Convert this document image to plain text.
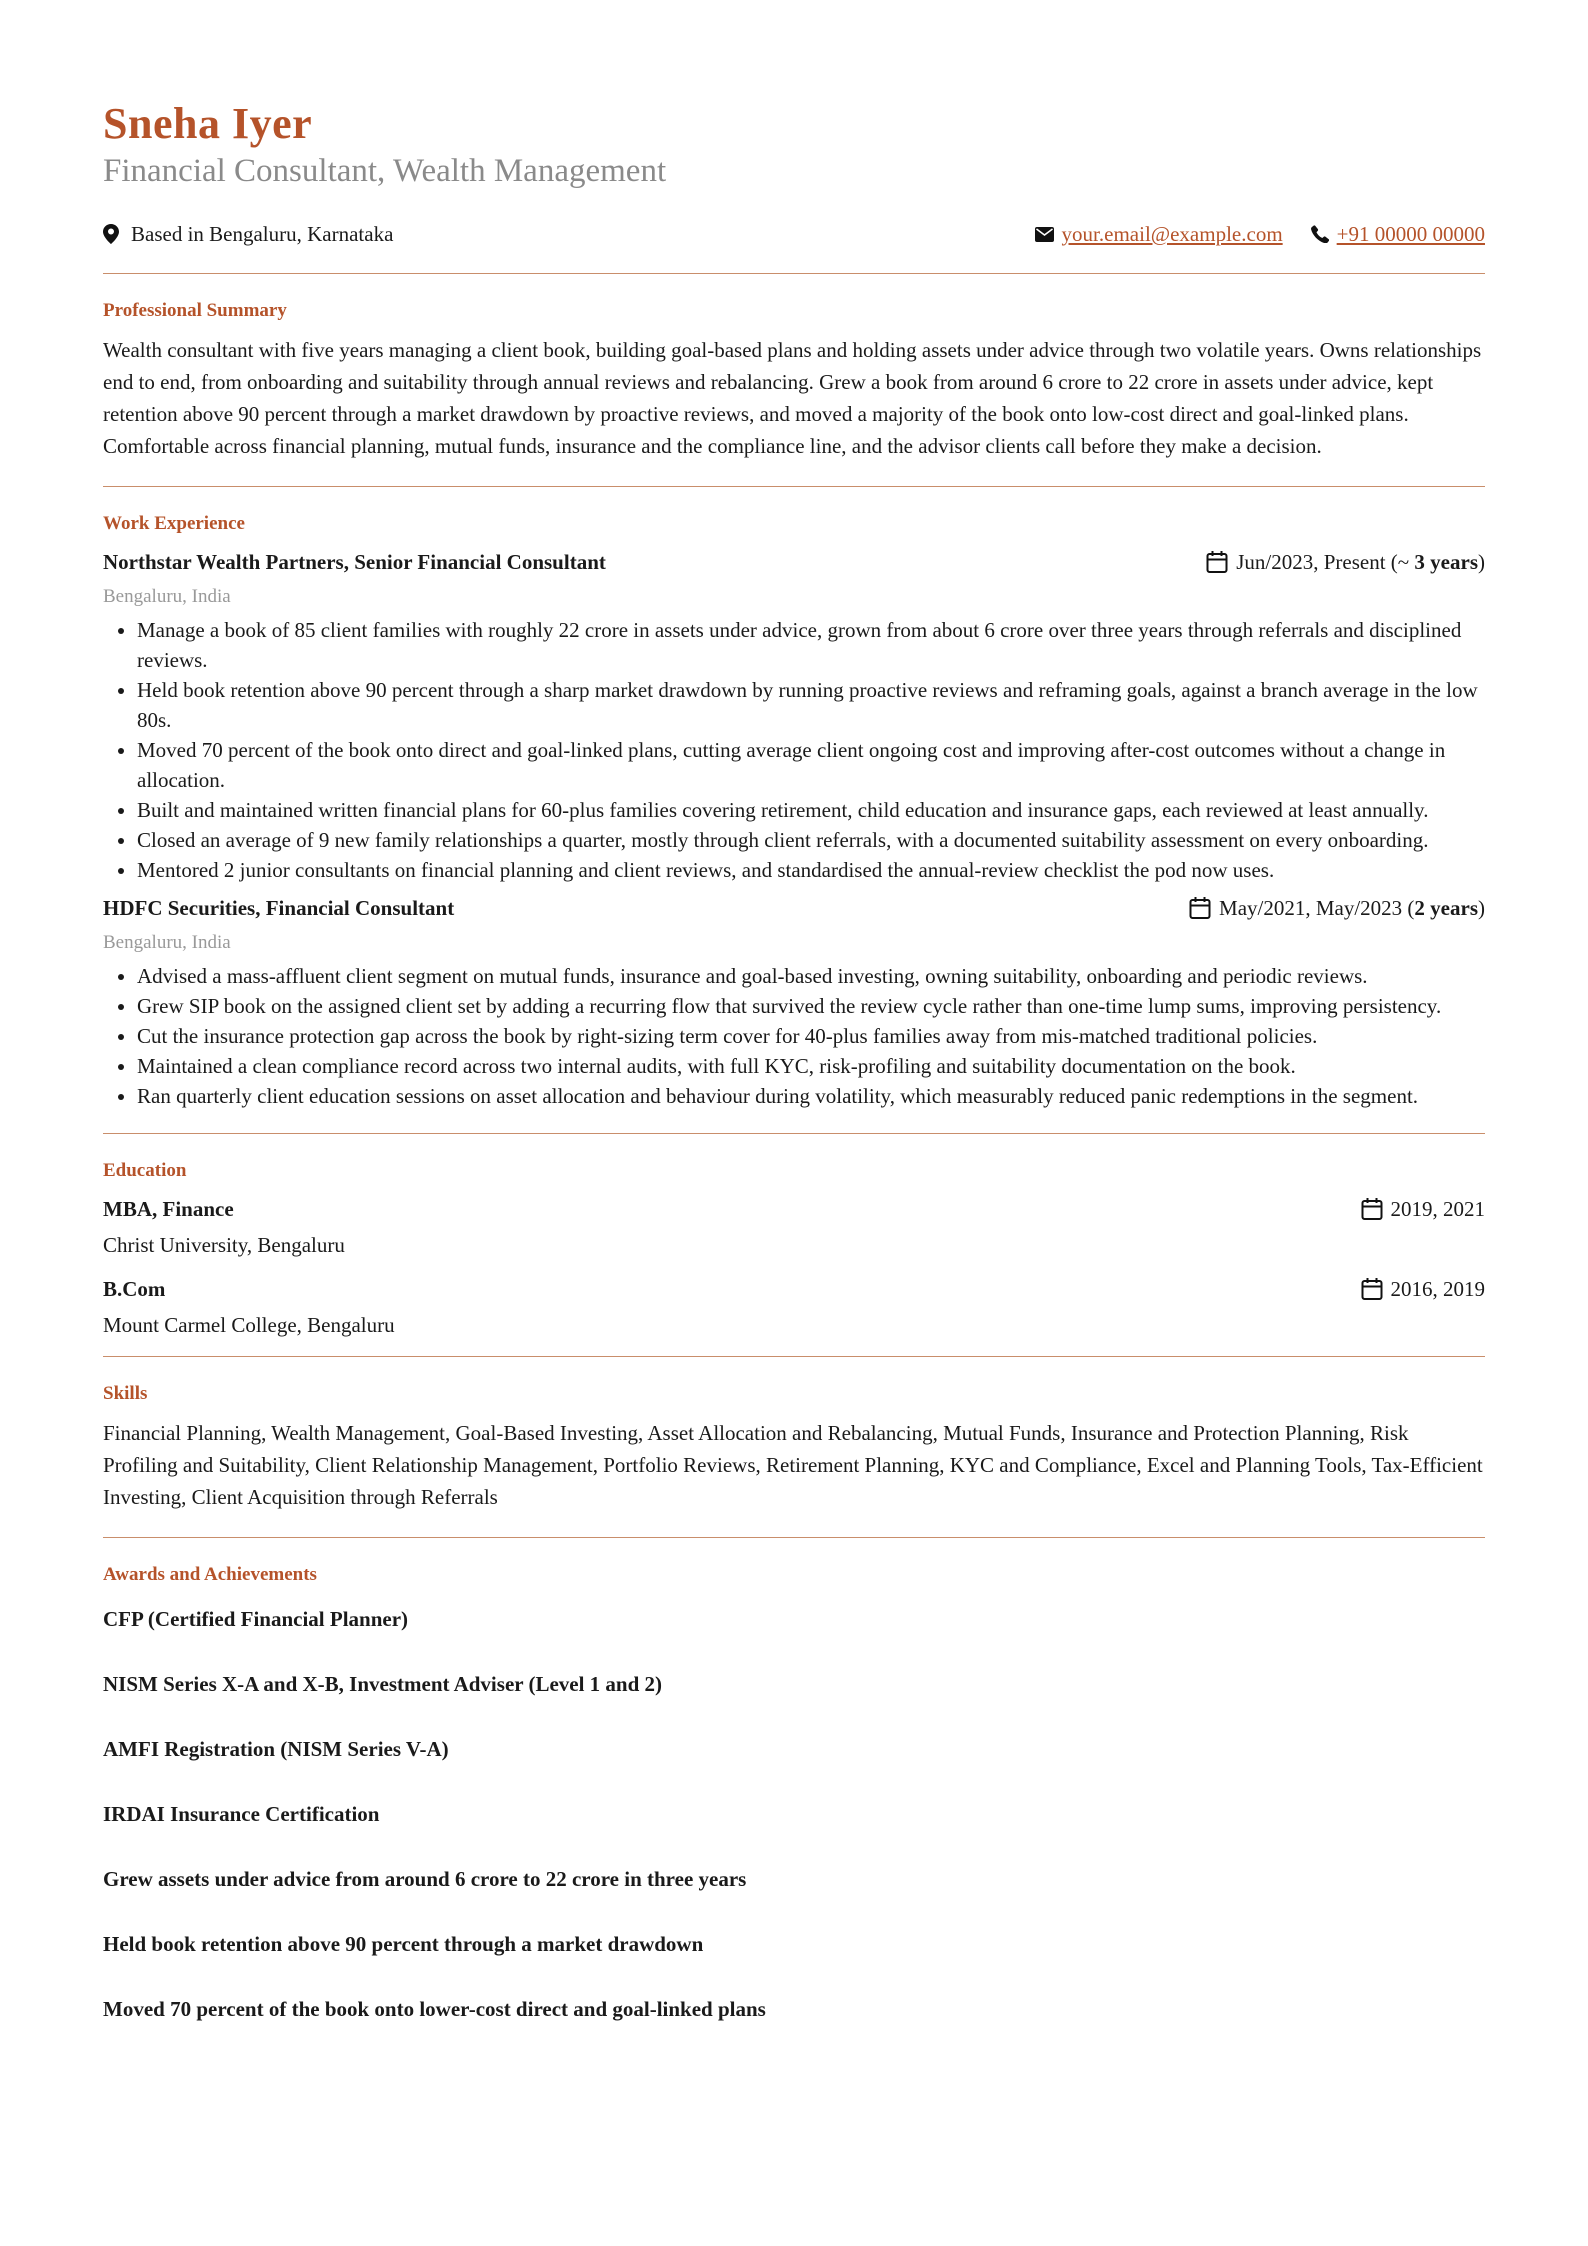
Sneha Iyer
Financial Consultant, Wealth Management
Based in Bengaluru, Karnataka	your.email@example.com	+91 00000 00000
Professional Summary

Wealth consultant with five years managing a client book, building goal-based plans and holding assets under advice through two volatile years. Owns relationships end to end, from onboarding and suitability through annual reviews and rebalancing. Grew a book from around 6 crore to 22 crore in assets under advice, kept retention above 90 percent through a market drawdown by proactive reviews, and moved a majority of the book onto low-cost direct and goal-linked plans. Comfortable across financial planning, mutual funds, insurance and the compliance line, and the advisor clients call before they make a decision.

Work Experience
Northstar Wealth Partners, Senior Financial Consultant	Jun/2023, Present (~ 3 years)
Bengaluru, India
• Manage a book of 85 client families with roughly 22 crore in assets under advice, grown from about 6 crore over three years through referrals and disciplined reviews.
• Held book retention above 90 percent through a sharp market drawdown by running proactive reviews and reframing goals, against a branch average in the low 80s.
• Moved 70 percent of the book onto direct and goal-linked plans, cutting average client ongoing cost and improving after-cost outcomes without a change in allocation.
• Built and maintained written financial plans for 60-plus families covering retirement, child education and insurance gaps, each reviewed at least annually.
• Closed an average of 9 new family relationships a quarter, mostly through client referrals, with a documented suitability assessment on every onboarding.
• Mentored 2 junior consultants on financial planning and client reviews, and standardised the annual-review checklist the pod now uses.
HDFC Securities, Financial Consultant	May/2021, May/2023 (2 years)
Bengaluru, India
• Advised a mass-affluent client segment on mutual funds, insurance and goal-based investing, owning suitability, onboarding and periodic reviews.
• Grew SIP book on the assigned client set by adding a recurring flow that survived the review cycle rather than one-time lump sums, improving persistency.
• Cut the insurance protection gap across the book by right-sizing term cover for 40-plus families away from mis-matched traditional policies.
• Maintained a clean compliance record across two internal audits, with full KYC, risk-profiling and suitability documentation on the book.
• Ran quarterly client education sessions on asset allocation and behaviour during volatility, which measurably reduced panic redemptions in the segment.
Education
MBA, Finance	2019, 2021
Christ University, Bengaluru
B.Com	2016, 2019
Mount Carmel College, Bengaluru
Skills

Financial Planning, Wealth Management, Goal-Based Investing, Asset Allocation and Rebalancing, Mutual Funds, Insurance and Protection Planning, Risk Profiling and Suitability, Client Relationship Management, Portfolio Reviews, Retirement Planning, KYC and Compliance, Excel and Planning Tools, Tax-Efficient Investing, Client Acquisition through Referrals

Awards and Achievements
CFP (Certified Financial Planner)
NISM Series X-A and X-B, Investment Adviser (Level 1 and 2)
AMFI Registration (NISM Series V-A)
IRDAI Insurance Certification
Grew assets under advice from around 6 crore to 22 crore in three years
Held book retention above 90 percent through a market drawdown
Moved 70 percent of the book onto lower-cost direct and goal-linked plans
